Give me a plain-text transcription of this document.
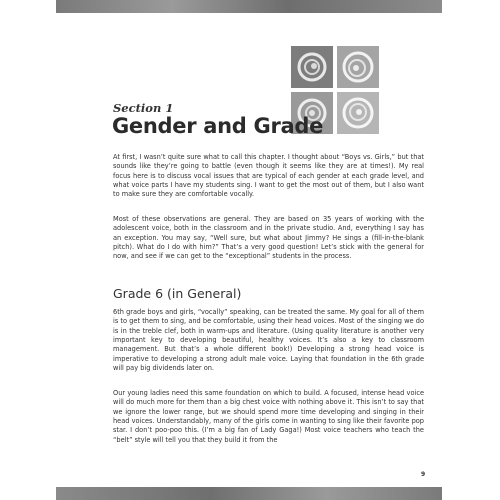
Section 1
Gender and Grade

At first, I wasn’t quite sure what to call this chapter. I thought about “Boys vs. Girls,” but that sounds like they’re going to battle (even though it seems like they are at times!). My real focus here is to discuss vocal issues that are typical of each gender at each grade level, and what voice parts I have my students sing. I want to get the most out of them, but I also want to make sure they are comfortable vocally.

Most of these observations are general. They are based on 35 years of working with the adolescent voice, both in the classroom and in the private studio. And, everything I say has an exception. You may say, “Well sure, but what about Jimmy? He sings a (fill-in-the-blank pitch). What do I do with him?” That’s a very good question! Let’s stick with the general for now, and see if we can get to the “exceptional” students in the process.

Grade 6 (in General)

6th grade boys and girls, “vocally” speaking, can be treated the same. My goal for all of them is to get them to sing, and be comfortable, using their head voices. Most of the singing we do is in the treble clef, both in warm-ups and literature. (Using quality literature is another very important key to developing beautiful, healthy voices. It’s also a key to classroom management. But that’s a whole different book!) Developing a strong head voice is imperative to developing a strong adult male voice. Laying that foundation in the 6th grade will pay big dividends later on.

Our young ladies need this same foundation on which to build. A focused, intense head voice will do much more for them than a big chest voice with nothing above it. This isn’t to say that we ignore the lower range, but we should spend more time developing and singing in their head voices. Understandably, many of the girls come in wanting to sing like their favorite pop star. I don’t poo-poo this. (I’m a big fan of Lady Gaga!) Most voice teachers who teach the “belt” style will tell you that they build it from the

9
